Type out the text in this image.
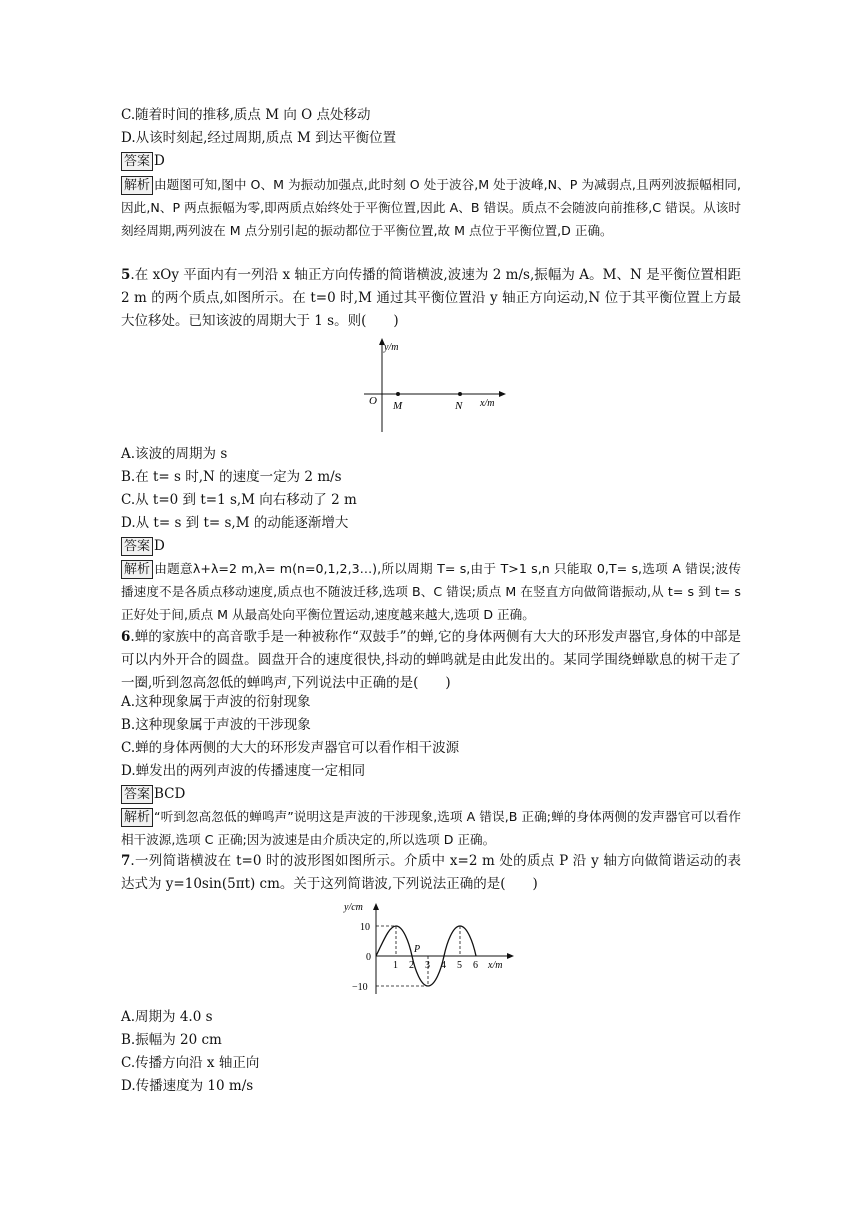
C.随着时间的推移,质点 M 向 O 点处移动
D.从该时刻起,经过周期,质点 M 到达平衡位置
答案 D
解析 由题图可知,图中 O、M 为振动加强点,此时刻 O 处于波谷,M 处于波峰,N、P 为减弱点,且两列波振幅相同,因此,N、P 两点振幅为零,即两质点始终处于平衡位置,因此 A、B 错误。质点不会随波向前推移,C 错误。从该时刻经周期,两列波在 M 点分别引起的振动都位于平衡位置,故 M 点位于平衡位置,D 正确。
5.在 xOy 平面内有一列沿 x 轴正方向传播的简谐横波,波速为 2 m/s,振幅为 A。M、N 是平衡位置相距 2 m 的两个质点,如图所示。在 t=0 时,M 通过其平衡位置沿 y 轴正方向运动,N 位于其平衡位置上方最大位移处。已知该波的周期大于 1 s。则(　　)
y/m
x/m
O M	N
A.该波的周期为 s
B.在 t= s 时,N 的速度一定为 2 m/s
C.从 t=0 到 t=1 s,M 向右移动了 2 m
D.从 t= s 到 t= s,M 的动能逐渐增大
答案 D
解析 由题意λ+λ=2 m,λ= m(n=0,1,2,3…),所以周期 T= s,由于 T>1 s,n 只能取 0,T= s,选项 A 错误;波传播速度不是各质点移动速度,质点也不随波迁移,选项 B、C 错误;质点 M 在竖直方向做简谐振动,从 t= s 到 t= s 正好处于间,质点 M 从最高处向平衡位置运动,速度越来越大,选项 D 正确。
6.蝉的家族中的高音歌手是一种被称作“双鼓手”的蝉,它的身体两侧有大大的环形发声器官,身体的中部是可以内外开合的圆盘。圆盘开合的速度很快,抖动的蝉鸣就是由此发出的。某同学围绕蝉歇息的树干走了一圈,听到忽高忽低的蝉鸣声,下列说法中正确的是(　　)
A.这种现象属于声波的衍射现象
B.这种现象属于声波的干涉现象
C.蝉的身体两侧的大大的环形发声器官可以看作相干波源
D.蝉发出的两列声波的传播速度一定相同
答案 BCD
解析 “听到忽高忽低的蝉鸣声”说明这是声波的干涉现象,选项 A 错误,B 正确;蝉的身体两侧的发声器官可以看作相干波源,选项 C 正确;因为波速是由介质决定的,所以选项 D 正确。
7.一列简谐横波在 t=0 时的波形图如图所示。介质中 x=2 m 处的质点 P 沿 y 轴方向做简谐运动的表达式为 y=10sin(5πt) cm。关于这列简谐波,下列说法正确的是(　　)
y/cm
x/m
10
0
−10
1 2 3 4 5 6
P
A.周期为 4.0 s
B.振幅为 20 cm
C.传播方向沿 x 轴正向
D.传播速度为 10 m/s
